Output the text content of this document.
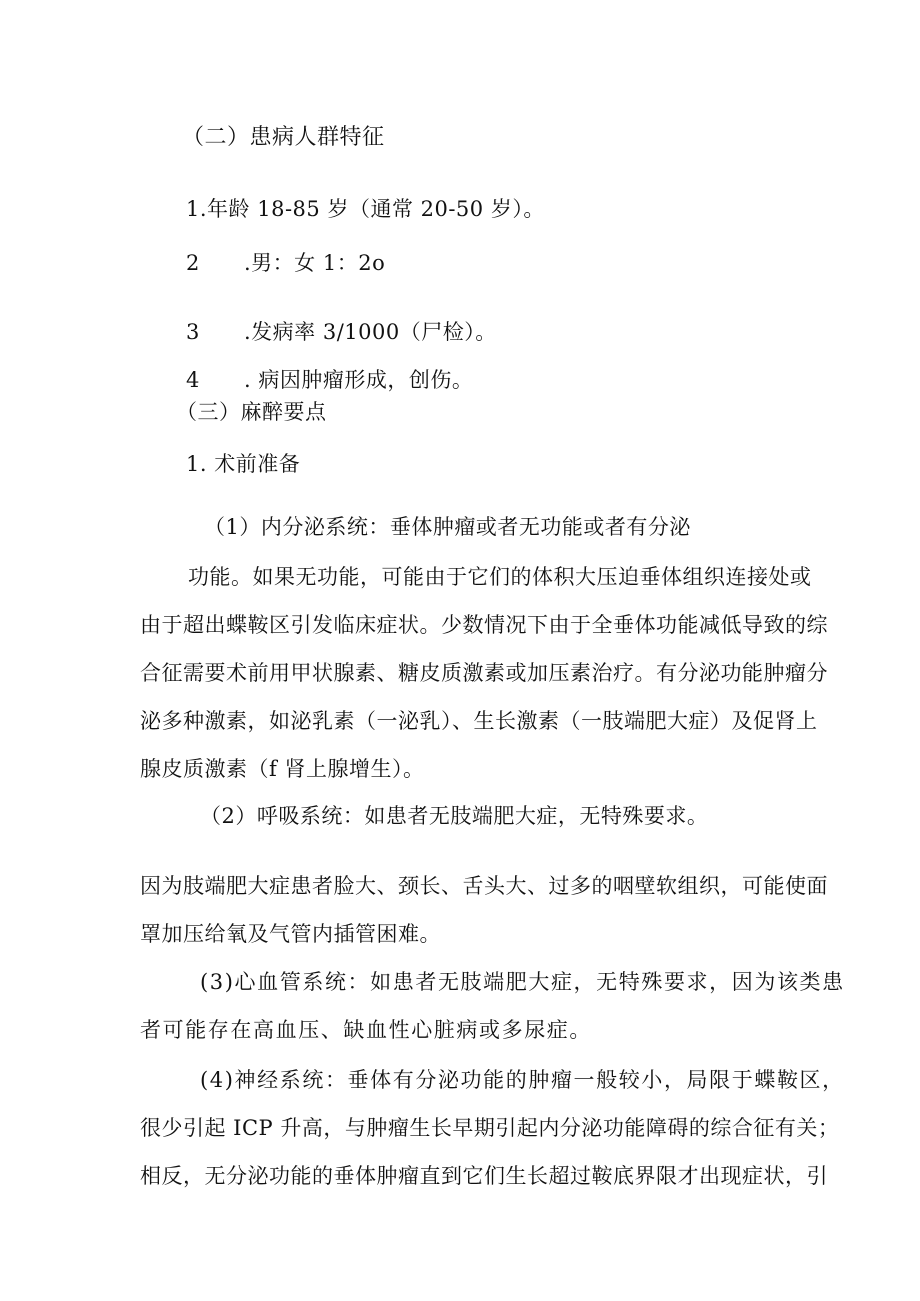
（二）患病人群特征
1.年龄 18-85 岁（通常 20-50 岁）。
2 .男：女 1：2o
3 .发病率 3/1000（尸检）。
4 . 病因肿瘤形成，创伤。
（三）麻醉要点
1. 术前准备
（1）内分泌系统：垂体肿瘤或者无功能或者有分泌
功能。如果无功能，可能由于它们的体积大压迫垂体组织连接处或
由于超出蝶鞍区引发临床症状。少数情况下由于全垂体功能减低导致的综
合征需要术前用甲状腺素、糖皮质激素或加压素治疗。有分泌功能肿瘤分
泌多种激素，如泌乳素（一泌乳）、生长激素（一肢端肥大症）及促肾上
腺皮质激素（f 肾上腺增生）。
（2）呼吸系统：如患者无肢端肥大症，无特殊要求。
因为肢端肥大症患者脸大、颈长、舌头大、过多的咽壁软组织，可能使面
罩加压给氧及气管内插管困难。
(3)心血管系统：如患者无肢端肥大症，无特殊要求，因为该类患
者可能存在高血压、缺血性心脏病或多尿症。
(4)神经系统：垂体有分泌功能的肿瘤一般较小，局限于蝶鞍区，
很少引起 ICP 升高，与肿瘤生长早期引起内分泌功能障碍的综合征有关；
相反，无分泌功能的垂体肿瘤直到它们生长超过鞍底界限才出现症状，引
